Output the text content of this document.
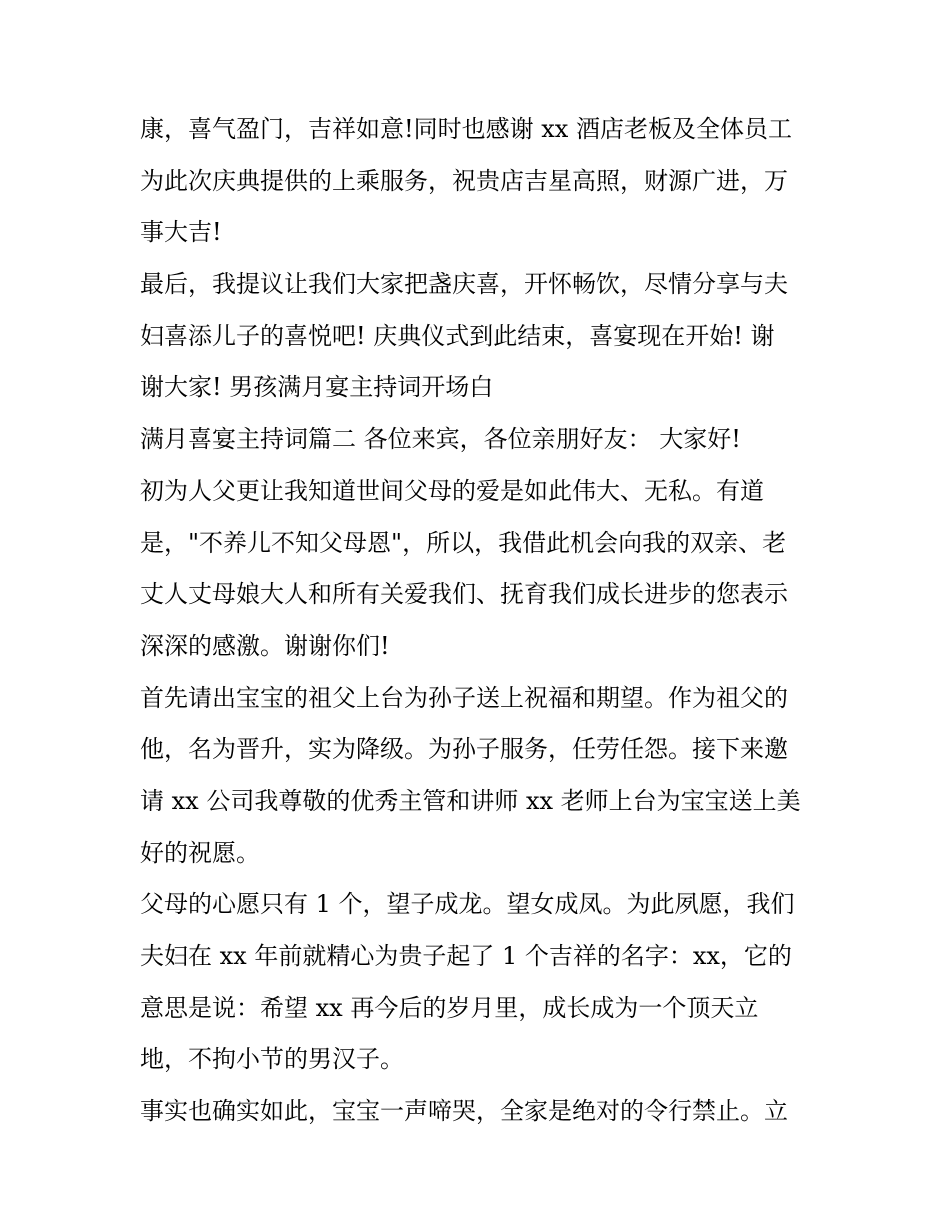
康，喜气盈门，吉祥如意!同时也感谢 xx 酒店老板及全体员工
为此次庆典提供的上乘服务，祝贵店吉星高照，财源广进，万
事大吉!
最后，我提议让我们大家把盏庆喜，开怀畅饮，尽情分享与夫
妇喜添儿子的喜悦吧! 庆典仪式到此结束，喜宴现在开始! 谢
谢大家! 男孩满月宴主持词开场白
满月喜宴主持词篇二 各位来宾，各位亲朋好友： 大家好!
初为人父更让我知道世间父母的爱是如此伟大、无私。有道
是，"不养儿不知父母恩"，所以，我借此机会向我的双亲、老
丈人丈母娘大人和所有关爱我们、抚育我们成长进步的您表示
深深的感激。谢谢你们!
首先请出宝宝的祖父上台为孙子送上祝福和期望。作为祖父的
他，名为晋升，实为降级。为孙子服务，任劳任怨。接下来邀
请 xx 公司我尊敬的优秀主管和讲师 xx 老师上台为宝宝送上美
好的祝愿。
父母的心愿只有 1 个，望子成龙。望女成凤。为此夙愿，我们
夫妇在 xx 年前就精心为贵子起了 1 个吉祥的名字：xx，它的
意思是说：希望 xx 再今后的岁月里，成长成为一个顶天立
地，不拘小节的男汉子。
事实也确实如此，宝宝一声啼哭，全家是绝对的令行禁止。立
